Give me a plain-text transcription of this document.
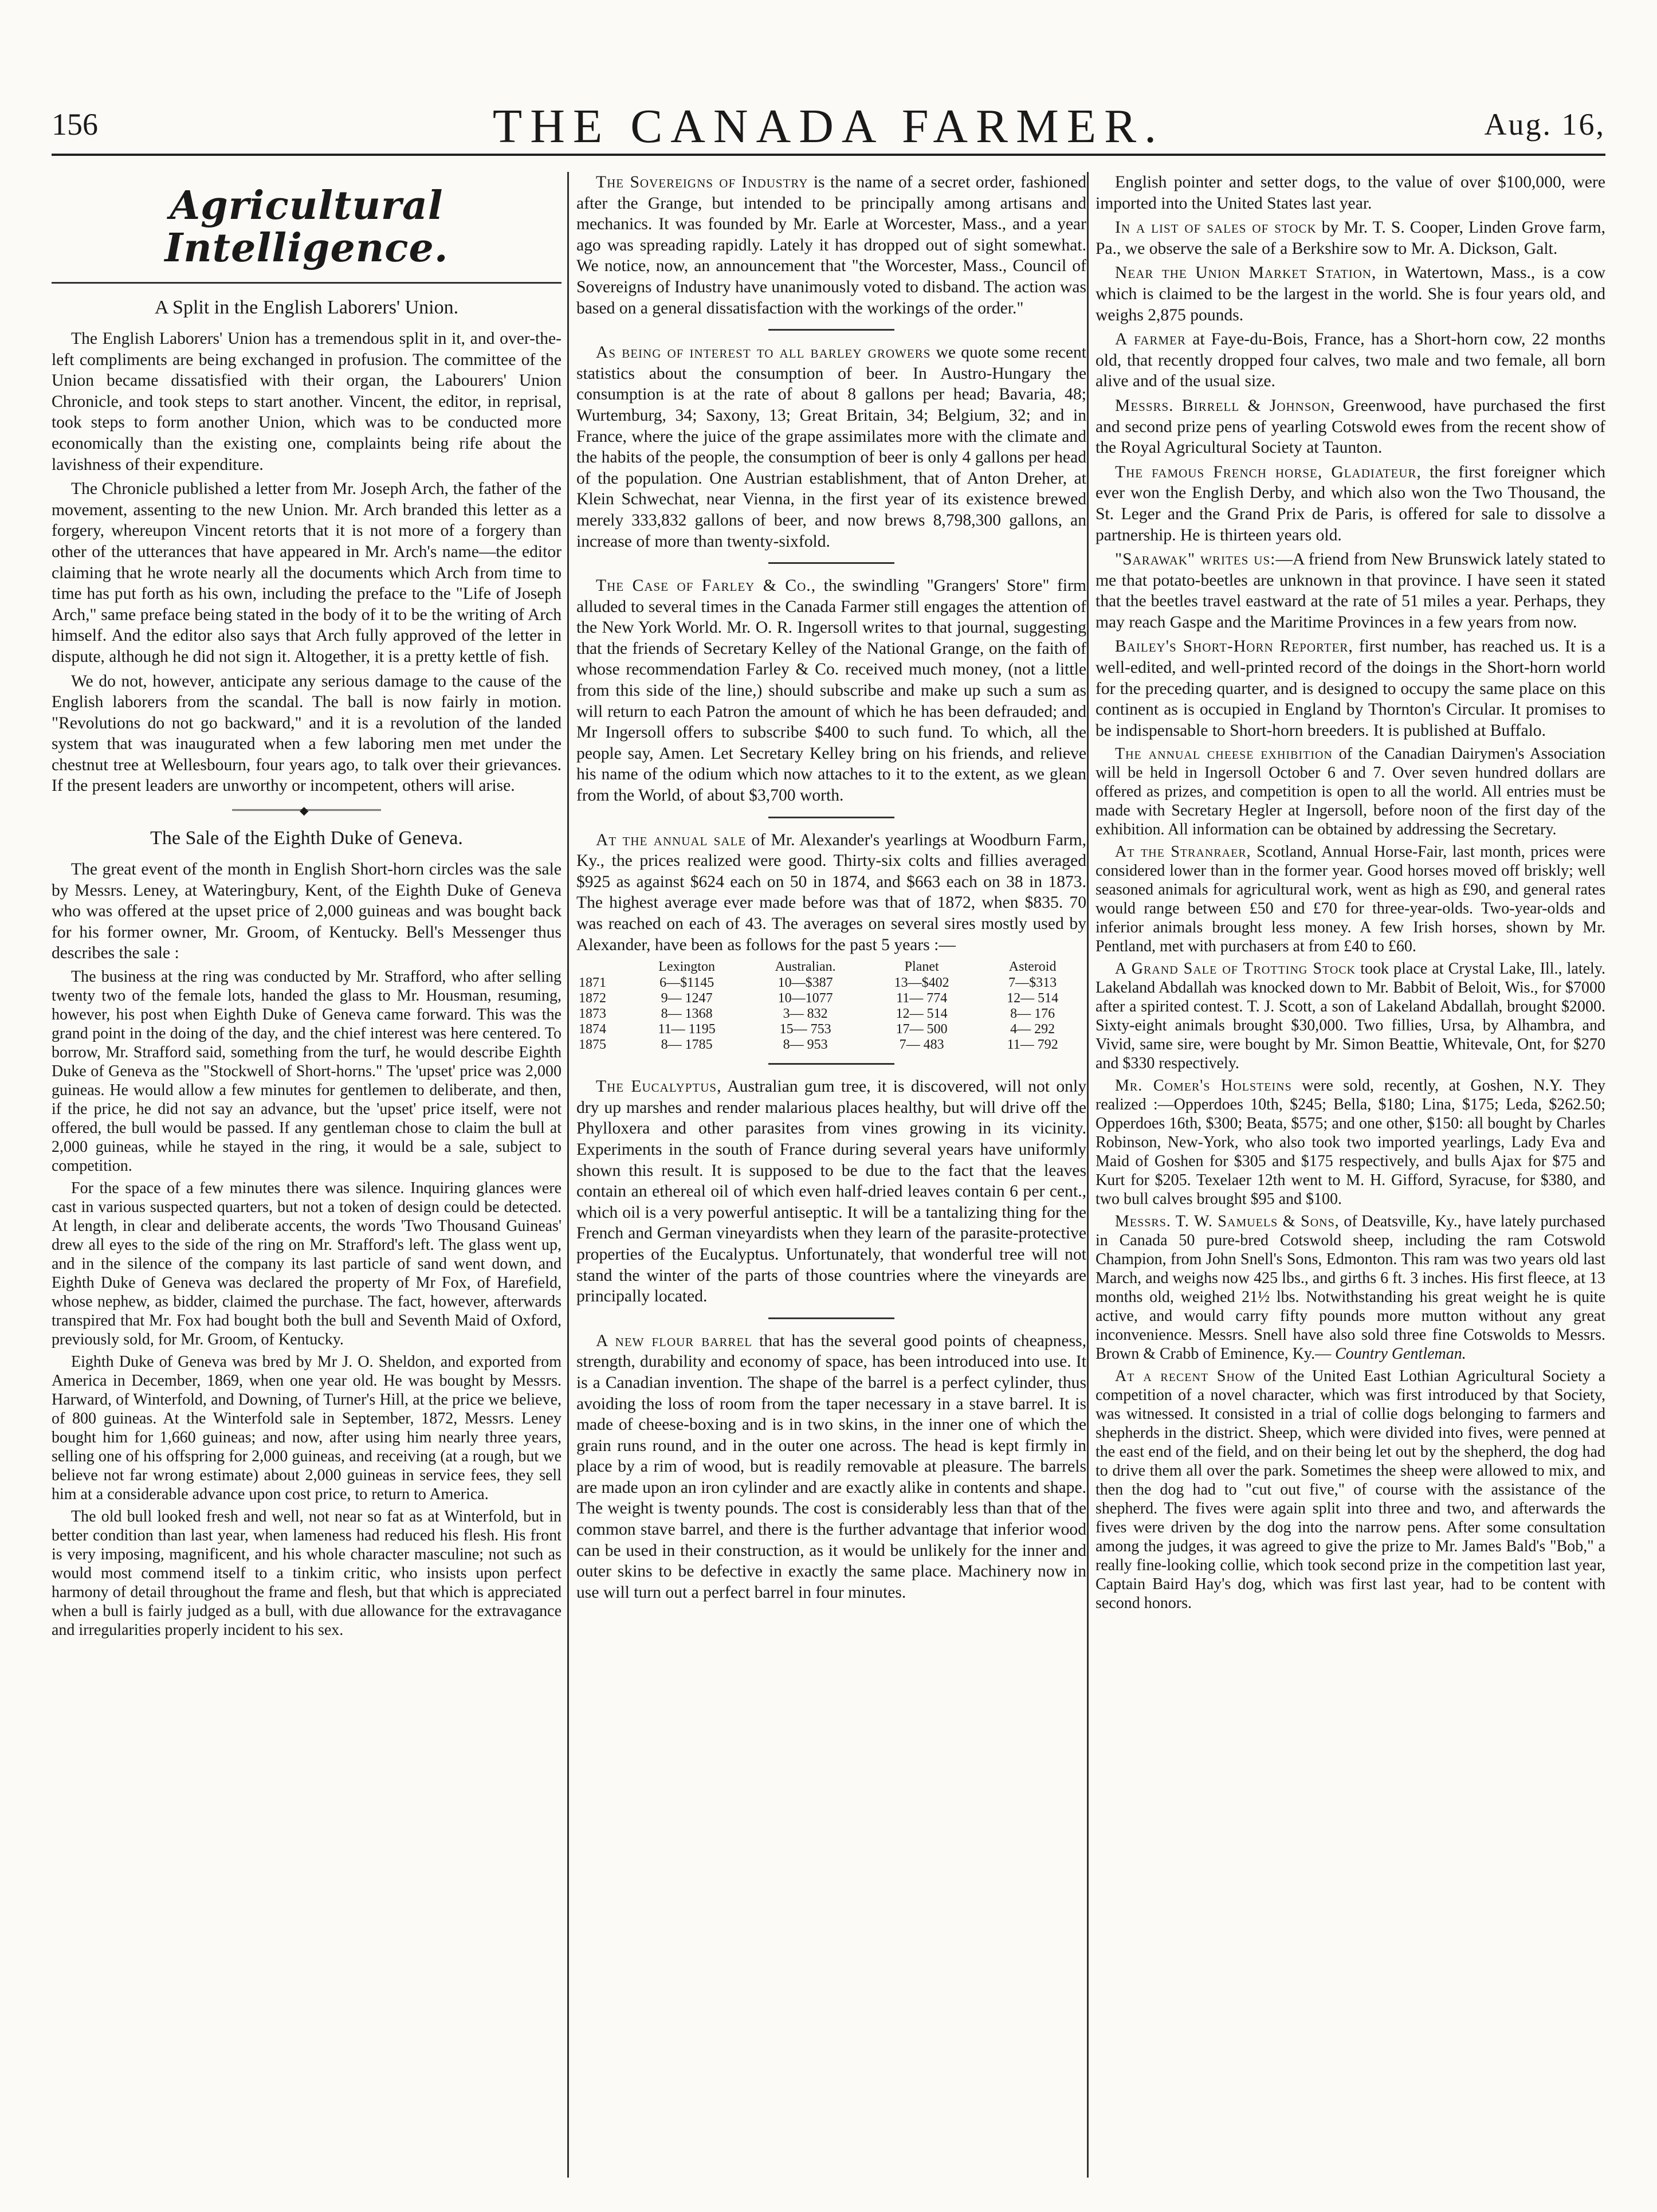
156	THE CANADA FARMER.	Aug. 16,
Agricultural Intelligence.
A Split in the English Laborers' Union.

The English Laborers' Union has a tremendous split in it, and over-the-left compliments are being exchanged in profusion. The committee of the Union became dissatisfied with their organ, the Labourers' Union Chronicle, and took steps to start another. Vincent, the editor, in reprisal, took steps to form another Union, which was to be conducted more economically than the existing one, complaints being rife about the lavishness of their expenditure.

The Chronicle published a letter from Mr. Joseph Arch, the father of the movement, assenting to the new Union. Mr. Arch branded this letter as a forgery, whereupon Vincent retorts that it is not more of a forgery than other of the utterances that have appeared in Mr. Arch's name—the editor claiming that he wrote nearly all the documents which Arch from time to time has put forth as his own, including the preface to the "Life of Joseph Arch," same preface being stated in the body of it to be the writing of Arch himself. And the editor also says that Arch fully approved of the letter in dispute, although he did not sign it. Altogether, it is a pretty kettle of fish.

We do not, however, anticipate any serious damage to the cause of the English laborers from the scandal. The ball is now fairly in motion. "Revolutions do not go backward," and it is a revolution of the landed system that was inaugurated when a few laboring men met under the chestnut tree at Wellesbourn, four years ago, to talk over their grievances. If the present leaders are unworthy or incompetent, others will arise.

◆
The Sale of the Eighth Duke of Geneva.

The great event of the month in English Short-horn circles was the sale by Messrs. Leney, at Wateringbury, Kent, of the Eighth Duke of Geneva who was offered at the upset price of 2,000 guineas and was bought back for his former owner, Mr. Groom, of Kentucky. Bell's Messenger thus describes the sale :

The business at the ring was conducted by Mr. Strafford, who after selling twenty two of the female lots, handed the glass to Mr. Housman, resuming, however, his post when Eighth Duke of Geneva came forward. This was the grand point in the doing of the day, and the chief interest was here centered. To borrow, Mr. Strafford said, something from the turf, he would describe Eighth Duke of Geneva as the "Stockwell of Short-horns." The 'upset' price was 2,000 guineas. He would allow a few minutes for gentlemen to deliberate, and then, if the price, he did not say an advance, but the 'upset' price itself, were not offered, the bull would be passed. If any gentleman chose to claim the bull at 2,000 guineas, while he stayed in the ring, it would be a sale, subject to competition.

For the space of a few minutes there was silence. Inquiring glances were cast in various suspected quarters, but not a token of design could be detected. At length, in clear and deliberate accents, the words 'Two Thousand Guineas' drew all eyes to the side of the ring on Mr. Strafford's left. The glass went up, and in the silence of the company its last particle of sand went down, and Eighth Duke of Geneva was declared the property of Mr Fox, of Harefield, whose nephew, as bidder, claimed the purchase. The fact, however, afterwards transpired that Mr. Fox had bought both the bull and Seventh Maid of Oxford, previously sold, for Mr. Groom, of Kentucky.

Eighth Duke of Geneva was bred by Mr J. O. Sheldon, and exported from America in December, 1869, when one year old. He was bought by Messrs. Harward, of Winterfold, and Downing, of Turner's Hill, at the price we believe, of 800 guineas. At the Winterfold sale in September, 1872, Messrs. Leney bought him for 1,660 guineas; and now, after using him nearly three years, selling one of his offspring for 2,000 guineas, and receiving (at a rough, but we believe not far wrong estimate) about 2,000 guineas in service fees, they sell him at a considerable advance upon cost price, to return to America.

The old bull looked fresh and well, not near so fat as at Winterfold, but in better condition than last year, when lameness had reduced his flesh. His front is very imposing, magnificent, and his whole character masculine; not such as would most commend itself to a tinkim critic, who insists upon perfect harmony of detail throughout the frame and flesh, but that which is appreciated when a bull is fairly judged as a bull, with due allowance for the extravagance and irregularities properly incident to his sex.

The Sovereigns of Industry is the name of a secret order, fashioned after the Grange, but intended to be principally among artisans and mechanics. It was founded by Mr. Earle at Worcester, Mass., and a year ago was spreading rapidly. Lately it has dropped out of sight somewhat. We notice, now, an announcement that "the Worcester, Mass., Council of Sovereigns of Industry have unanimously voted to disband. The action was based on a general dissatisfaction with the workings of the order."

As being of interest to all barley growers we quote some recent statistics about the consumption of beer. In Austro-Hungary the consumption is at the rate of about 8 gallons per head; Bavaria, 48; Wurtemburg, 34; Saxony, 13; Great Britain, 34; Belgium, 32; and in France, where the juice of the grape assimilates more with the climate and the habits of the people, the consumption of beer is only 4 gallons per head of the population. One Austrian establishment, that of Anton Dreher, at Klein Schwechat, near Vienna, in the first year of its existence brewed merely 333,832 gallons of beer, and now brews 8,798,300 gallons, an increase of more than twenty-sixfold.

The Case of Farley & Co., the swindling "Grangers' Store" firm alluded to several times in the Canada Farmer still engages the attention of the New York World. Mr. O. R. Ingersoll writes to that journal, suggesting that the friends of Secretary Kelley of the National Grange, on the faith of whose recommendation Farley & Co. received much money, (not a little from this side of the line,) should subscribe and make up such a sum as will return to each Patron the amount of which he has been defrauded; and Mr Ingersoll offers to subscribe $400 to such fund. To which, all the people say, Amen. Let Secretary Kelley bring on his friends, and relieve his name of the odium which now attaches to it to the extent, as we glean from the World, of about $3,700 worth.

At the annual sale of Mr. Alexander's yearlings at Woodburn Farm, Ky., the prices realized were good. Thirty-six colts and fillies averaged $925 as against $624 each on 50 in 1874, and $663 each on 38 in 1873. The highest average ever made before was that of 1872, when $835. 70 was reached on each of 43. The averages on several sires mostly used by Alexander, have been as follows for the past 5 years :—

	Lexington	Australian.	Planet	Asteroid
1871	6—$1145	10—$387	13—$402	7—$313
1872	9— 1247	10—1077	11— 774	12— 514
1873	8— 1368	3— 832	12— 514	8— 176
1874	11— 1195	15— 753	17— 500	4— 292
1875	8— 1785	8— 953	7— 483	11— 792

The Eucalyptus, Australian gum tree, it is discovered, will not only dry up marshes and render malarious places healthy, but will drive off the Phylloxera and other parasites from vines growing in its vicinity. Experiments in the south of France during several years have uniformly shown this result. It is supposed to be due to the fact that the leaves contain an ethereal oil of which even half-dried leaves contain 6 per cent., which oil is a very powerful antiseptic. It will be a tantalizing thing for the French and German vineyardists when they learn of the parasite-protective properties of the Eucalyptus. Unfortunately, that wonderful tree will not stand the winter of the parts of those countries where the vineyards are principally located.

A new flour barrel that has the several good points of cheapness, strength, durability and economy of space, has been introduced into use. It is a Canadian invention. The shape of the barrel is a perfect cylinder, thus avoiding the loss of room from the taper necessary in a stave barrel. It is made of cheese-boxing and is in two skins, in the inner one of which the grain runs round, and in the outer one across. The head is kept firmly in place by a rim of wood, but is readily removable at pleasure. The barrels are made upon an iron cylinder and are exactly alike in contents and shape. The weight is twenty pounds. The cost is considerably less than that of the common stave barrel, and there is the further advantage that inferior wood can be used in their construction, as it would be unlikely for the inner and outer skins to be defective in exactly the same place. Machinery now in use will turn out a perfect barrel in four minutes.

English pointer and setter dogs, to the value of over $100,000, were imported into the United States last year.

In a list of sales of stock by Mr. T. S. Cooper, Linden Grove farm, Pa., we observe the sale of a Berkshire sow to Mr. A. Dickson, Galt.

Near the Union Market Station, in Watertown, Mass., is a cow which is claimed to be the largest in the world. She is four years old, and weighs 2,875 pounds.

A farmer at Faye-du-Bois, France, has a Short-horn cow, 22 months old, that recently dropped four calves, two male and two female, all born alive and of the usual size.

Messrs. Birrell & Johnson, Greenwood, have purchased the first and second prize pens of yearling Cotswold ewes from the recent show of the Royal Agricultural Society at Taunton.

The famous French horse, Gladiateur, the first foreigner which ever won the English Derby, and which also won the Two Thousand, the St. Leger and the Grand Prix de Paris, is offered for sale to dissolve a partnership. He is thirteen years old.

"Sarawak" writes us:—A friend from New Brunswick lately stated to me that potato-beetles are unknown in that province. I have seen it stated that the beetles travel eastward at the rate of 51 miles a year. Perhaps, they may reach Gaspe and the Maritime Provinces in a few years from now.

Bailey's Short-Horn Reporter, first number, has reached us. It is a well-edited, and well-printed record of the doings in the Short-horn world for the preceding quarter, and is designed to occupy the same place on this continent as is occupied in England by Thornton's Circular. It promises to be indispensable to Short-horn breeders. It is published at Buffalo.

The annual cheese exhibition of the Canadian Dairymen's Association will be held in Ingersoll October 6 and 7. Over seven hundred dollars are offered as prizes, and competition is open to all the world. All entries must be made with Secretary Hegler at Ingersoll, before noon of the first day of the exhibition. All information can be obtained by addressing the Secretary.

At the Stranraer, Scotland, Annual Horse-Fair, last month, prices were considered lower than in the former year. Good horses moved off briskly; well seasoned animals for agricultural work, went as high as £90, and general rates would range between £50 and £70 for three-year-olds. Two-year-olds and inferior animals brought less money. A few Irish horses, shown by Mr. Pentland, met with purchasers at from £40 to £60.

A Grand Sale of Trotting Stock took place at Crystal Lake, Ill., lately. Lakeland Abdallah was knocked down to Mr. Babbit of Beloit, Wis., for $7000 after a spirited contest. T. J. Scott, a son of Lakeland Abdallah, brought $2000. Sixty-eight animals brought $30,000. Two fillies, Ursa, by Alhambra, and Vivid, same sire, were bought by Mr. Simon Beattie, Whitevale, Ont, for $270 and $330 respectively.

Mr. Comer's Holsteins were sold, recently, at Goshen, N.Y. They realized :—Opperdoes 10th, $245; Bella, $180; Lina, $175; Leda, $262.50; Opperdoes 16th, $300; Beata, $575; and one other, $150: all bought by Charles Robinson, New-York, who also took two imported yearlings, Lady Eva and Maid of Goshen for $305 and $175 respectively, and bulls Ajax for $75 and Kurt for $205. Texelaer 12th went to M. H. Gifford, Syracuse, for $380, and two bull calves brought $95 and $100.

Messrs. T. W. Samuels & Sons, of Deatsville, Ky., have lately purchased in Canada 50 pure-bred Cotswold sheep, including the ram Cotswold Champion, from John Snell's Sons, Edmonton. This ram was two years old last March, and weighs now 425 lbs., and girths 6 ft. 3 inches. His first fleece, at 13 months old, weighed 21½ lbs. Notwithstanding his great weight he is quite active, and would carry fifty pounds more mutton without any great inconvenience. Messrs. Snell have also sold three fine Cotswolds to Messrs. Brown & Crabb of Eminence, Ky.— Country Gentleman.

At a recent Show of the United East Lothian Agricultural Society a competition of a novel character, which was first introduced by that Society, was witnessed. It consisted in a trial of collie dogs belonging to farmers and shepherds in the district. Sheep, which were divided into fives, were penned at the east end of the field, and on their being let out by the shepherd, the dog had to drive them all over the park. Sometimes the sheep were allowed to mix, and then the dog had to "cut out five," of course with the assistance of the shepherd. The fives were again split into three and two, and afterwards the fives were driven by the dog into the narrow pens. After some consultation among the judges, it was agreed to give the prize to Mr. James Bald's "Bob," a really fine-looking collie, which took second prize in the competition last year, Captain Baird Hay's dog, which was first last year, had to be content with second honors.
